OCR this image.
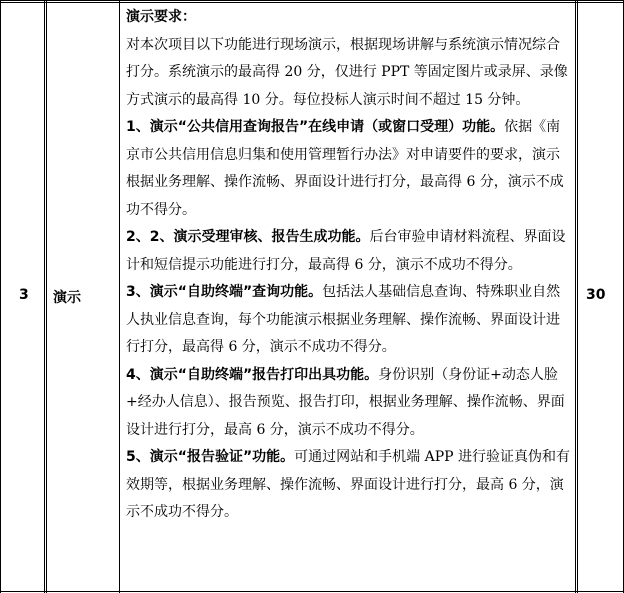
3 演示	30
演示要求：
对本次项目以下功能进行现场演示，根据现场讲解与系统演示情况综合打分。系统演示的最高得 20 分，仅进行 PPT 等固定图片或录屏、录像方式演示的最高得 10 分。每位投标人演示时间不超过 15 分钟。
1、演示“公共信用查询报告”在线申请（或窗口受理）功能。依据《南京市公共信用信息归集和使用管理暂行办法》对申请要件的要求，演示根据业务理解、操作流畅、界面设计进行打分，最高得 6 分，演示不成功不得分。
2、2、演示受理审核、报告生成功能。后台审验申请材料流程、界面设计和短信提示功能进行打分，最高得 6 分，演示不成功不得分。
3、演示“自助终端”查询功能。包括法人基础信息查询、特殊职业自然人执业信息查询，每个功能演示根据业务理解、操作流畅、界面设计进行打分，最高得 6 分，演示不成功不得分。
4、演示“自助终端”报告打印出具功能。身份识别（身份证+动态人脸+经办人信息）、报告预览、报告打印，根据业务理解、操作流畅、界面设计进行打分，最高 6 分，演示不成功不得分。
5、演示“报告验证”功能。可通过网站和手机端 APP 进行验证真伪和有效期等，根据业务理解、操作流畅、界面设计进行打分，最高 6 分，演示不成功不得分。
